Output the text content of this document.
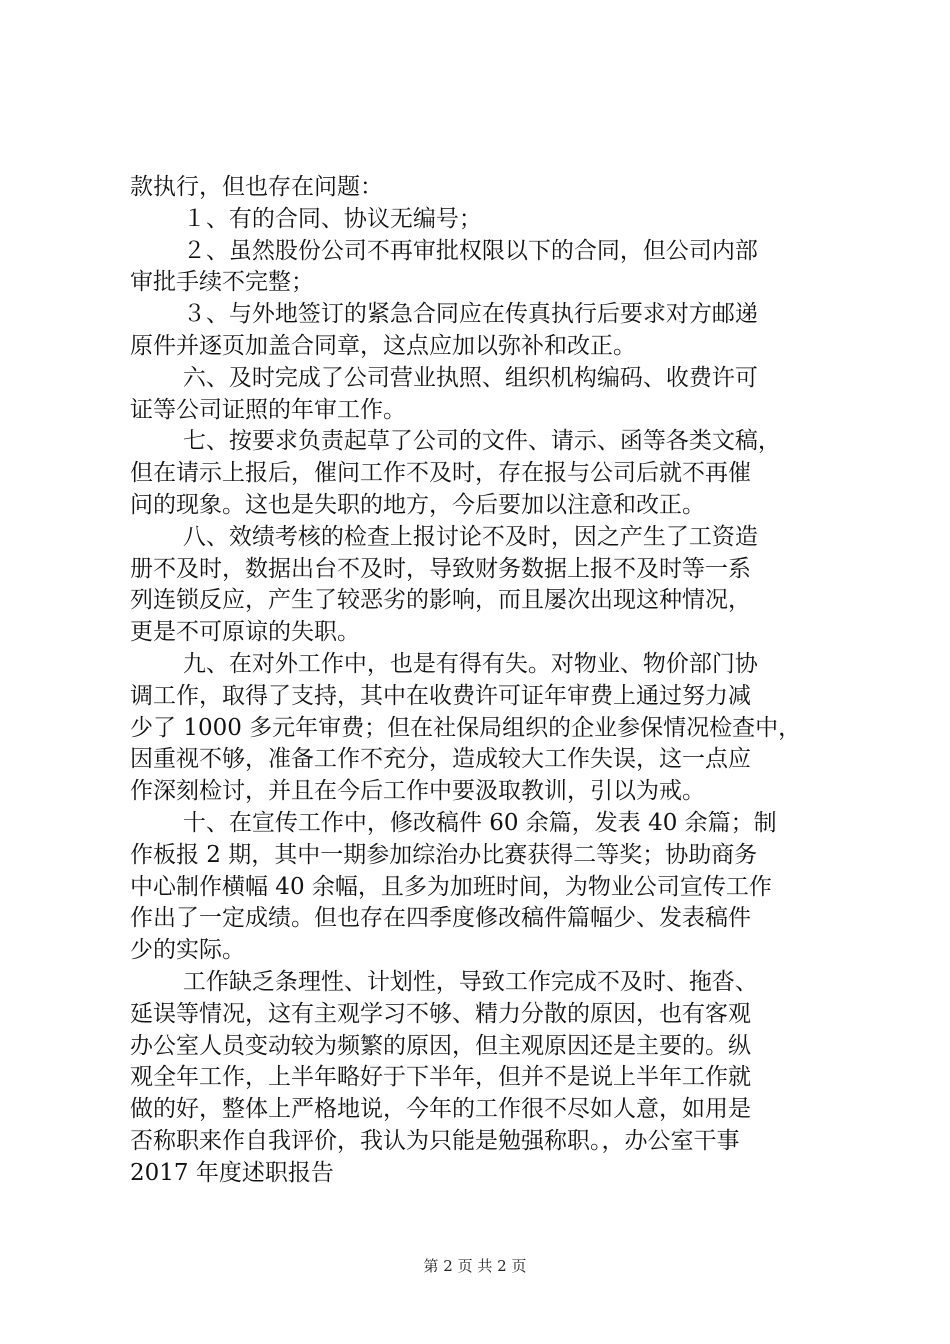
款执行，但也存在问题：

１、有的合同、协议无编号；

２、虽然股份公司不再审批权限以下的合同，但公司内部

审批手续不完整；

３、与外地签订的紧急合同应在传真执行后要求对方邮递

原件并逐页加盖合同章，这点应加以弥补和改正。

六、及时完成了公司营业执照、组织机构编码、收费许可

证等公司证照的年审工作。

七、按要求负责起草了公司的文件、请示、函等各类文稿，

但在请示上报后，催问工作不及时，存在报与公司后就不再催

问的现象。这也是失职的地方，今后要加以注意和改正。

八、效绩考核的检查上报讨论不及时，因之产生了工资造

册不及时，数据出台不及时，导致财务数据上报不及时等一系

列连锁反应，产生了较恶劣的影响，而且屡次出现这种情况，

更是不可原谅的失职。

九、在对外工作中，也是有得有失。对物业、物价部门协

调工作，取得了支持，其中在收费许可证年审费上通过努力减

少了 1000 多元年审费；但在社保局组织的企业参保情况检查中，

因重视不够，准备工作不充分，造成较大工作失误，这一点应

作深刻检讨，并且在今后工作中要汲取教训，引以为戒。

十、在宣传工作中，修改稿件 60 余篇，发表 40 余篇；制

作板报 2 期，其中一期参加综治办比赛获得二等奖；协助商务

中心制作横幅 40 余幅，且多为加班时间，为物业公司宣传工作

作出了一定成绩。但也存在四季度修改稿件篇幅少、发表稿件

少的实际。

工作缺乏条理性、计划性，导致工作完成不及时、拖沓、

延误等情况，这有主观学习不够、精力分散的原因，也有客观

办公室人员变动较为频繁的原因，但主观原因还是主要的。纵

观全年工作，上半年略好于下半年，但并不是说上半年工作就

做的好，整体上严格地说，今年的工作很不尽如人意，如用是

否称职来作自我评价，我认为只能是勉强称职。，办公室干事

2017 年度述职报告

第 2 页 共 2 页
